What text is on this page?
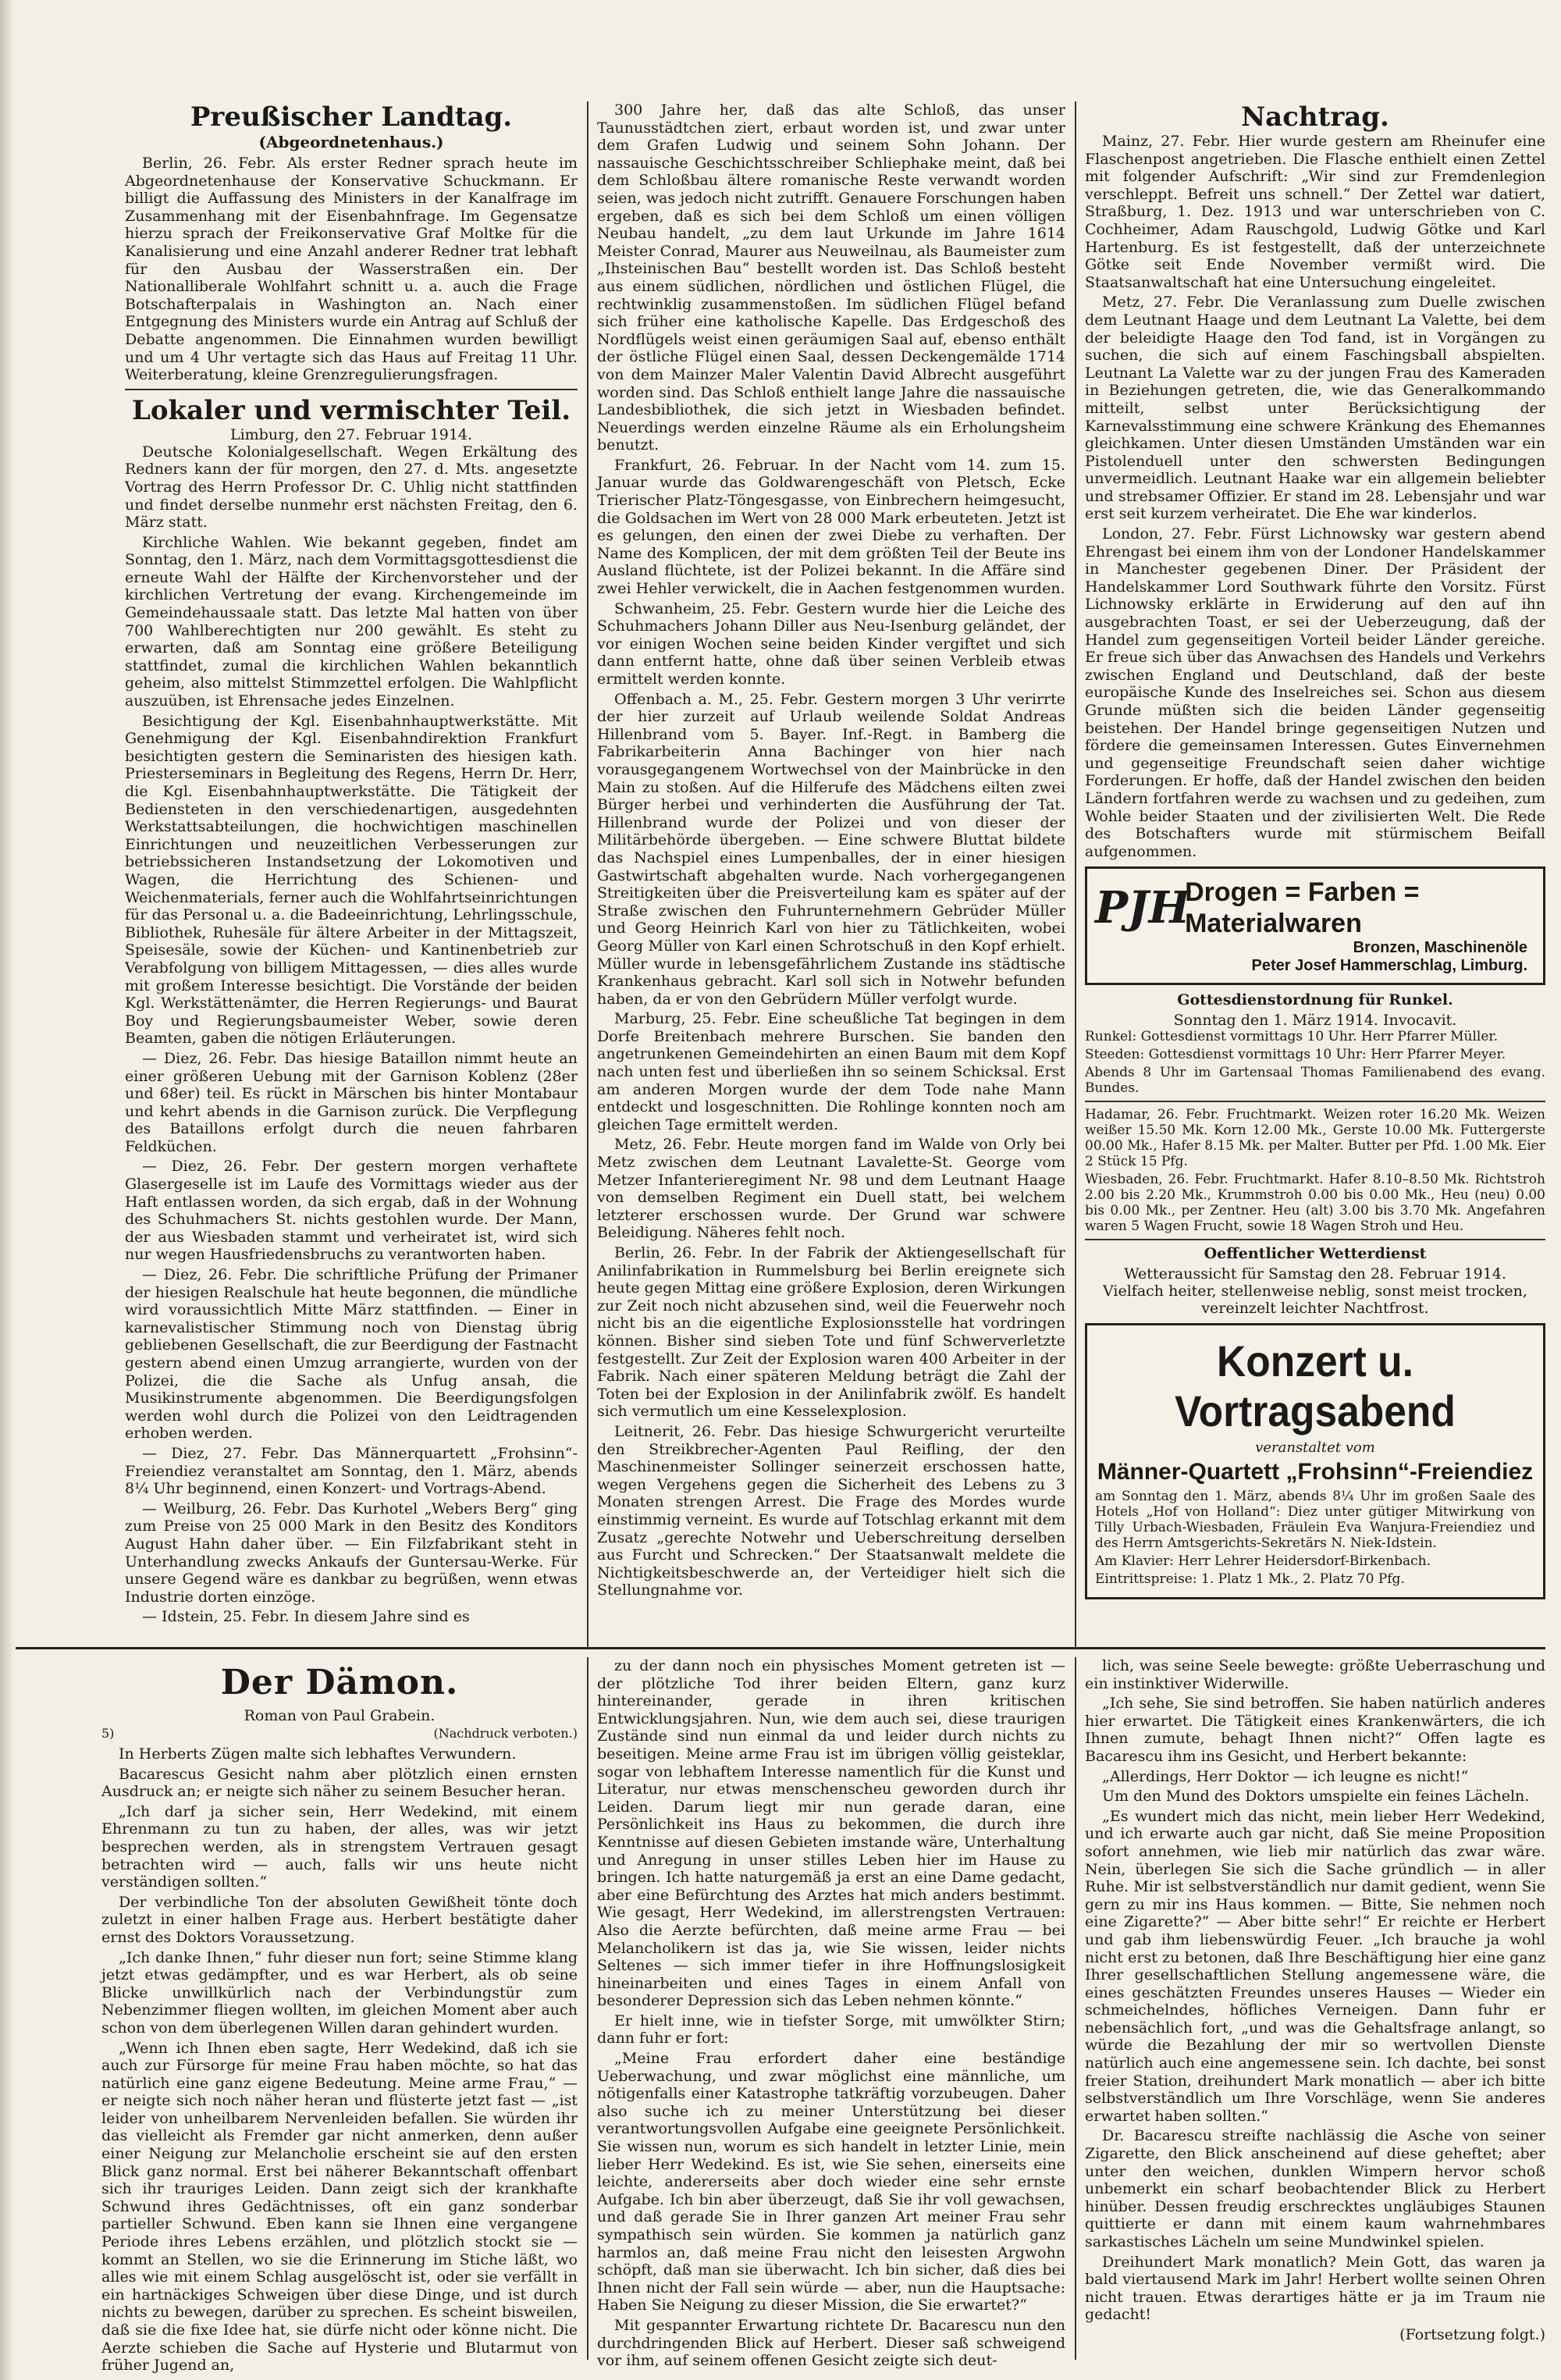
Preußischer Landtag.
(Abgeordnetenhaus.)

Berlin, 26. Febr. Als erster Redner sprach heute im Abgeordnetenhause der Konservative Schuckmann. Er billigt die Auffassung des Ministers in der Kanalfrage im Zusammenhang mit der Eisenbahnfrage. Im Gegensatze hierzu sprach der Freikonservative Graf Moltke für die Kanalisierung und eine Anzahl anderer Redner trat lebhaft für den Ausbau der Wasserstraßen ein. Der Nationalliberale Wohlfahrt schnitt u. a. auch die Frage Botschafterpalais in Washington an. Nach einer Entgegnung des Ministers wurde ein Antrag auf Schluß der Debatte angenommen. Die Einnahmen wurden bewilligt und um 4 Uhr vertagte sich das Haus auf Freitag 11 Uhr. Weiterberatung, kleine Grenzregulierungsfragen.

Lokaler und vermischter Teil.
Limburg, den 27. Februar 1914.

Deutsche Kolonialgesellschaft. Wegen Erkältung des Redners kann der für morgen, den 27. d. Mts. angesetzte Vortrag des Herrn Professor Dr. C. Uhlig nicht stattfinden und findet derselbe nunmehr erst nächsten Freitag, den 6. März statt.

Kirchliche Wahlen. Wie bekannt gegeben, findet am Sonntag, den 1. März, nach dem Vormittagsgottesdienst die erneute Wahl der Hälfte der Kirchenvorsteher und der kirchlichen Vertretung der evang. Kirchengemeinde im Gemeindehaussaale statt. Das letzte Mal hatten von über 700 Wahlberechtigten nur 200 gewählt. Es steht zu erwarten, daß am Sonntag eine größere Beteiligung stattfindet, zumal die kirchlichen Wahlen bekanntlich geheim, also mittelst Stimmzettel erfolgen. Die Wahlpflicht auszuüben, ist Ehrensache jedes Einzelnen.

Besichtigung der Kgl. Eisenbahnhauptwerkstätte. Mit Genehmigung der Kgl. Eisenbahndirektion Frankfurt besichtigten gestern die Seminaristen des hiesigen kath. Priesterseminars in Begleitung des Regens, Herrn Dr. Herr, die Kgl. Eisenbahnhauptwerkstätte. Die Tätigkeit der Bediensteten in den verschiedenartigen, ausgedehnten Werkstattsabteilungen, die hochwichtigen maschinellen Einrichtungen und neuzeitlichen Verbesserungen zur betriebssicheren Instandsetzung der Lokomotiven und Wagen, die Herrichtung des Schienen- und Weichenmaterials, ferner auch die Wohlfahrtseinrichtungen für das Personal u. a. die Badeeinrichtung, Lehrlingsschule, Bibliothek, Ruhesäle für ältere Arbeiter in der Mittagszeit, Speisesäle, sowie der Küchen- und Kantinenbetrieb zur Verabfolgung von billigem Mittagessen, — dies alles wurde mit großem Interesse besichtigt. Die Vorstände der beiden Kgl. Werkstättenämter, die Herren Regierungs- und Baurat Boy und Regierungsbaumeister Weber, sowie deren Beamten, gaben die nötigen Erläuterungen.

— Diez, 26. Febr. Das hiesige Bataillon nimmt heute an einer größeren Uebung mit der Garnison Koblenz (28er und 68er) teil. Es rückt in Märschen bis hinter Montabaur und kehrt abends in die Garnison zurück. Die Verpflegung des Bataillons erfolgt durch die neuen fahrbaren Feldküchen.

— Diez, 26. Febr. Der gestern morgen verhaftete Glasergeselle ist im Laufe des Vormittags wieder aus der Haft entlassen worden, da sich ergab, daß in der Wohnung des Schuhmachers St. nichts gestohlen wurde. Der Mann, der aus Wiesbaden stammt und verheiratet ist, wird sich nur wegen Hausfriedensbruchs zu verantworten haben.

— Diez, 26. Febr. Die schriftliche Prüfung der Primaner der hiesigen Realschule hat heute begonnen, die mündliche wird voraussichtlich Mitte März stattfinden. — Einer in karnevalistischer Stimmung noch von Dienstag übrig gebliebenen Gesellschaft, die zur Beerdigung der Fastnacht gestern abend einen Umzug arrangierte, wurden von der Polizei, die die Sache als Unfug ansah, die Musikinstrumente abgenommen. Die Beerdigungsfolgen werden wohl durch die Polizei von den Leidtragenden erhoben werden.

— Diez, 27. Febr. Das Männerquartett „Frohsinn“-Freiendiez veranstaltet am Sonntag, den 1. März, abends 8¼ Uhr beginnend, einen Konzert- und Vortrags-Abend.

— Weilburg, 26. Febr. Das Kurhotel „Webers Berg“ ging zum Preise von 25 000 Mark in den Besitz des Konditors August Hahn daher über. — Ein Filzfabrikant steht in Unterhandlung zwecks Ankaufs der Guntersau-Werke. Für unsere Gegend wäre es dankbar zu begrüßen, wenn etwas Industrie dorten einzöge.

— Idstein, 25. Febr. In diesem Jahre sind es

300 Jahre her, daß das alte Schloß, das unser Taunusstädtchen ziert, erbaut worden ist, und zwar unter dem Grafen Ludwig und seinem Sohn Johann. Der nassauische Geschichtsschreiber Schliephake meint, daß bei dem Schloßbau ältere romanische Reste verwandt worden seien, was jedoch nicht zutrifft. Genauere Forschungen haben ergeben, daß es sich bei dem Schloß um einen völligen Neubau handelt, „zu dem laut Urkunde im Jahre 1614 Meister Conrad, Maurer aus Neuweilnau, als Baumeister zum „Ihsteinischen Bau“ bestellt worden ist. Das Schloß besteht aus einem südlichen, nördlichen und östlichen Flügel, die rechtwinklig zusammenstoßen. Im südlichen Flügel befand sich früher eine katholische Kapelle. Das Erdgeschoß des Nordflügels weist einen geräumigen Saal auf, ebenso enthält der östliche Flügel einen Saal, dessen Deckengemälde 1714 von dem Mainzer Maler Valentin David Albrecht ausgeführt worden sind. Das Schloß enthielt lange Jahre die nassauische Landesbibliothek, die sich jetzt in Wiesbaden befindet. Neuerdings werden einzelne Räume als ein Erholungsheim benutzt.

Frankfurt, 26. Februar. In der Nacht vom 14. zum 15. Januar wurde das Goldwarengeschäft von Pletsch, Ecke Trierischer Platz-Töngesgasse, von Einbrechern heimgesucht, die Goldsachen im Wert von 28 000 Mark erbeuteten. Jetzt ist es gelungen, den einen der zwei Diebe zu verhaften. Der Name des Komplicen, der mit dem größten Teil der Beute ins Ausland flüchtete, ist der Polizei bekannt. In die Affäre sind zwei Hehler verwickelt, die in Aachen festgenommen wurden.

Schwanheim, 25. Febr. Gestern wurde hier die Leiche des Schuhmachers Johann Diller aus Neu-Isenburg geländet, der vor einigen Wochen seine beiden Kinder vergiftet und sich dann entfernt hatte, ohne daß über seinen Verbleib etwas ermittelt werden konnte.

Offenbach a. M., 25. Febr. Gestern morgen 3 Uhr verirrte der hier zurzeit auf Urlaub weilende Soldat Andreas Hillenbrand vom 5. Bayer. Inf.-Regt. in Bamberg die Fabrikarbeiterin Anna Bachinger von hier nach vorausgegangenem Wortwechsel von der Mainbrücke in den Main zu stoßen. Auf die Hilferufe des Mädchens eilten zwei Bürger herbei und verhinderten die Ausführung der Tat. Hillenbrand wurde der Polizei und von dieser der Militärbehörde übergeben. — Eine schwere Bluttat bildete das Nachspiel eines Lumpenballes, der in einer hiesigen Gastwirtschaft abgehalten wurde. Nach vorhergegangenen Streitigkeiten über die Preisverteilung kam es später auf der Straße zwischen den Fuhrunternehmern Gebrüder Müller und Georg Heinrich Karl von hier zu Tätlichkeiten, wobei Georg Müller von Karl einen Schrotschuß in den Kopf erhielt. Müller wurde in lebensgefährlichem Zustande ins städtische Krankenhaus gebracht. Karl soll sich in Notwehr befunden haben, da er von den Gebrüdern Müller verfolgt wurde.

Marburg, 25. Febr. Eine scheußliche Tat begingen in dem Dorfe Breitenbach mehrere Burschen. Sie banden den angetrunkenen Gemeindehirten an einen Baum mit dem Kopf nach unten fest und überließen ihn so seinem Schicksal. Erst am anderen Morgen wurde der dem Tode nahe Mann entdeckt und losgeschnitten. Die Rohlinge konnten noch am gleichen Tage ermittelt werden.

Metz, 26. Febr. Heute morgen fand im Walde von Orly bei Metz zwischen dem Leutnant Lavalette-St. George vom Metzer Infanterieregiment Nr. 98 und dem Leutnant Haage von demselben Regiment ein Duell statt, bei welchem letzterer erschossen wurde. Der Grund war schwere Beleidigung. Näheres fehlt noch.

Berlin, 26. Febr. In der Fabrik der Aktiengesellschaft für Anilinfabrikation in Rummelsburg bei Berlin ereignete sich heute gegen Mittag eine größere Explosion, deren Wirkungen zur Zeit noch nicht abzusehen sind, weil die Feuerwehr noch nicht bis an die eigentliche Explosionsstelle hat vordringen können. Bisher sind sieben Tote und fünf Schwerverletzte festgestellt. Zur Zeit der Explosion waren 400 Arbeiter in der Fabrik. Nach einer späteren Meldung beträgt die Zahl der Toten bei der Explosion in der Anilinfabrik zwölf. Es handelt sich vermutlich um eine Kesselexplosion.

Leitnerit, 26. Febr. Das hiesige Schwurgericht verurteilte den Streikbrecher-Agenten Paul Reifling, der den Maschinenmeister Sollinger seinerzeit erschossen hatte, wegen Vergehens gegen die Sicherheit des Lebens zu 3 Monaten strengen Arrest. Die Frage des Mordes wurde einstimmig verneint. Es wurde auf Totschlag erkannt mit dem Zusatz „gerechte Notwehr und Ueberschreitung derselben aus Furcht und Schrecken.“ Der Staatsanwalt meldete die Nichtigkeitsbeschwerde an, der Verteidiger hielt sich die Stellungnahme vor.

Nachtrag.

Mainz, 27. Febr. Hier wurde gestern am Rheinufer eine Flaschenpost angetrieben. Die Flasche enthielt einen Zettel mit folgender Aufschrift: „Wir sind zur Fremdenlegion verschleppt. Befreit uns schnell.“ Der Zettel war datiert, Straßburg, 1. Dez. 1913 und war unterschrieben von C. Cochheimer, Adam Rauschgold, Ludwig Götke und Karl Hartenburg. Es ist festgestellt, daß der unterzeichnete Götke seit Ende November vermißt wird. Die Staatsanwaltschaft hat eine Untersuchung eingeleitet.

Metz, 27. Febr. Die Veranlassung zum Duelle zwischen dem Leutnant Haage und dem Leutnant La Valette, bei dem der beleidigte Haage den Tod fand, ist in Vorgängen zu suchen, die sich auf einem Faschingsball abspielten. Leutnant La Valette war zu der jungen Frau des Kameraden in Beziehungen getreten, die, wie das Generalkommando mitteilt, selbst unter Berücksichtigung der Karnevalsstimmung eine schwere Kränkung des Ehemannes gleichkamen. Unter diesen Umständen Umständen war ein Pistolenduell unter den schwersten Bedingungen unvermeidlich. Leutnant Haake war ein allgemein beliebter und strebsamer Offizier. Er stand im 28. Lebensjahr und war erst seit kurzem verheiratet. Die Ehe war kinderlos.

London, 27. Febr. Fürst Lichnowsky war gestern abend Ehrengast bei einem ihm von der Londoner Handelskammer in Manchester gegebenen Diner. Der Präsident der Handelskammer Lord Southwark führte den Vorsitz. Fürst Lichnowsky erklärte in Erwiderung auf den auf ihn ausgebrachten Toast, er sei der Ueberzeugung, daß der Handel zum gegenseitigen Vorteil beider Länder gereiche. Er freue sich über das Anwachsen des Handels und Verkehrs zwischen England und Deutschland, daß der beste europäische Kunde des Inselreiches sei. Schon aus diesem Grunde müßten sich die beiden Länder gegenseitig beistehen. Der Handel bringe gegenseitigen Nutzen und fördere die gemeinsamen Interessen. Gutes Einvernehmen und gegenseitige Freundschaft seien daher wichtige Forderungen. Er hoffe, daß der Handel zwischen den beiden Ländern fortfahren werde zu wachsen und zu gedeihen, zum Wohle beider Staaten und der zivilisierten Welt. Die Rede des Botschafters wurde mit stürmischem Beifall aufgenommen.

PJH Drogen = Farben = Materialwaren
Bronzen, Maschinenöle
Peter Josef Hammerschlag, Limburg.
Gottesdienstordnung für Runkel.
Sonntag den 1. März 1914. Invocavit.

Runkel: Gottesdienst vormittags 10 Uhr. Herr Pfarrer Müller.

Steeden: Gottesdienst vormittags 10 Uhr: Herr Pfarrer Meyer.

Abends 8 Uhr im Gartensaal Thomas Familienabend des evang. Bundes.

Hadamar, 26. Febr. Fruchtmarkt. Weizen roter 16.20 Mk. Weizen weißer 15.50 Mk. Korn 12.00 Mk., Gerste 10.00 Mk. Futtergerste 00.00 Mk., Hafer 8.15 Mk. per Malter. Butter per Pfd. 1.00 Mk. Eier 2 Stück 15 Pfg.

Wiesbaden, 26. Febr. Fruchtmarkt. Hafer 8.10–8.50 Mk. Richtstroh 2.00 bis 2.20 Mk., Krummstroh 0.00 bis 0.00 Mk., Heu (neu) 0.00 bis 0.00 Mk., per Zentner. Heu (alt) 3.00 bis 3.70 Mk. Angefahren waren 5 Wagen Frucht, sowie 18 Wagen Stroh und Heu.

Oeffentlicher Wetterdienst
Wetteraussicht für Samstag den 28. Februar 1914.
Vielfach heiter, stellenweise neblig, sonst meist trocken, vereinzelt leichter Nachtfrost.
Konzert u. Vortragsabend
veranstaltet vom
Männer-Quartett „Frohsinn“-Freiendiez

am Sonntag den 1. März, abends 8¼ Uhr im großen Saale des Hotels „Hof von Holland“: Diez unter gütiger Mitwirkung von Tilly Urbach-Wiesbaden, Fräulein Eva Wanjura-Freiendiez und des Herrn Amtsgerichts-Sekretärs N. Niek-Idstein.

Am Klavier: Herr Lehrer Heidersdorf-Birkenbach.

Eintrittspreise: 1. Platz 1 Mk., 2. Platz 70 Pfg.

Der Dämon.
Roman von Paul Grabein.
5)	(Nachdruck verboten.)

In Herberts Zügen malte sich lebhaftes Verwundern.

Bacarescus Gesicht nahm aber plötzlich einen ernsten Ausdruck an; er neigte sich näher zu seinem Besucher heran.

„Ich darf ja sicher sein, Herr Wedekind, mit einem Ehrenmann zu tun zu haben, der alles, was wir jetzt besprechen werden, als in strengstem Vertrauen gesagt betrachten wird — auch, falls wir uns heute nicht verständigen sollten.“

Der verbindliche Ton der absoluten Gewißheit tönte doch zuletzt in einer halben Frage aus. Herbert bestätigte daher ernst des Doktors Voraussetzung.

„Ich danke Ihnen,“ fuhr dieser nun fort; seine Stimme klang jetzt etwas gedämpfter, und es war Herbert, als ob seine Blicke unwillkürlich nach der Verbindungstür zum Nebenzimmer fliegen wollten, im gleichen Moment aber auch schon von dem überlegenen Willen daran gehindert wurden.

„Wenn ich Ihnen eben sagte, Herr Wedekind, daß ich sie auch zur Fürsorge für meine Frau haben möchte, so hat das natürlich eine ganz eigene Bedeutung. Meine arme Frau,“ — er neigte sich noch näher heran und flüsterte jetzt fast — „ist leider von unheilbarem Nervenleiden befallen. Sie würden ihr das vielleicht als Fremder gar nicht anmerken, denn außer einer Neigung zur Melancholie erscheint sie auf den ersten Blick ganz normal. Erst bei näherer Bekanntschaft offenbart sich ihr trauriges Leiden. Dann zeigt sich der krankhafte Schwund ihres Gedächtnisses, oft ein ganz sonderbar partieller Schwund. Eben kann sie Ihnen eine vergangene Periode ihres Lebens erzählen, und plötzlich stockt sie — kommt an Stellen, wo sie die Erinnerung im Stiche läßt, wo alles wie mit einem Schlag ausgelöscht ist, oder sie verfällt in ein hartnäckiges Schweigen über diese Dinge, und ist durch nichts zu bewegen, darüber zu sprechen. Es scheint bisweilen, daß sie die fixe Idee hat, sie dürfe nicht oder könne nicht. Die Aerzte schieben die Sache auf Hysterie und Blutarmut von früher Jugend an,

zu der dann noch ein physisches Moment getreten ist — der plötzliche Tod ihrer beiden Eltern, ganz kurz hintereinander, gerade in ihren kritischen Entwicklungsjahren. Nun, wie dem auch sei, diese traurigen Zustände sind nun einmal da und leider durch nichts zu beseitigen. Meine arme Frau ist im übrigen völlig geisteklar, sogar von lebhaftem Interesse namentlich für die Kunst und Literatur, nur etwas menschenscheu geworden durch ihr Leiden. Darum liegt mir nun gerade daran, eine Persönlichkeit ins Haus zu bekommen, die durch ihre Kenntnisse auf diesen Gebieten imstande wäre, Unterhaltung und Anregung in unser stilles Leben hier im Hause zu bringen. Ich hatte naturgemäß ja erst an eine Dame gedacht, aber eine Befürchtung des Arztes hat mich anders bestimmt. Wie gesagt, Herr Wedekind, im allerstrengsten Vertrauen: Also die Aerzte befürchten, daß meine arme Frau — bei Melancholikern ist das ja, wie Sie wissen, leider nichts Seltenes — sich immer tiefer in ihre Hoffnungslosigkeit hineinarbeiten und eines Tages in einem Anfall von besonderer Depression sich das Leben nehmen könnte.“

Er hielt inne, wie in tiefster Sorge, mit umwölkter Stirn; dann fuhr er fort:

„Meine Frau erfordert daher eine beständige Ueberwachung, und zwar möglichst eine männliche, um nötigenfalls einer Katastrophe tatkräftig vorzubeugen. Daher also suche ich zu meiner Unterstützung bei dieser verantwortungsvollen Aufgabe eine geeignete Persönlichkeit. Sie wissen nun, worum es sich handelt in letzter Linie, mein lieber Herr Wedekind. Es ist, wie Sie sehen, einerseits eine leichte, andererseits aber doch wieder eine sehr ernste Aufgabe. Ich bin aber überzeugt, daß Sie ihr voll gewachsen, und daß gerade Sie in Ihrer ganzen Art meiner Frau sehr sympathisch sein würden. Sie kommen ja natürlich ganz harmlos an, daß meine Frau nicht den leisesten Argwohn schöpft, daß man sie überwacht. Ich bin sicher, daß dies bei Ihnen nicht der Fall sein würde — aber, nun die Hauptsache: Haben Sie Neigung zu dieser Mission, die Sie erwartet?“

Mit gespannter Erwartung richtete Dr. Bacarescu nun den durchdringenden Blick auf Herbert. Dieser saß schweigend vor ihm, auf seinem offenen Gesicht zeigte sich deut-

lich, was seine Seele bewegte: größte Ueberraschung und ein instinktiver Widerwille.

„Ich sehe, Sie sind betroffen. Sie haben natürlich anderes hier erwartet. Die Tätigkeit eines Krankenwärters, die ich Ihnen zumute, behagt Ihnen nicht?“ Offen lagte es Bacarescu ihm ins Gesicht, und Herbert bekannte:

„Allerdings, Herr Doktor — ich leugne es nicht!“

Um den Mund des Doktors umspielte ein feines Lächeln.

„Es wundert mich das nicht, mein lieber Herr Wedekind, und ich erwarte auch gar nicht, daß Sie meine Proposition sofort annehmen, wie lieb mir natürlich das zwar wäre. Nein, überlegen Sie sich die Sache gründlich — in aller Ruhe. Mir ist selbstverständlich nur damit gedient, wenn Sie gern zu mir ins Haus kommen. — Bitte, Sie nehmen noch eine Zigarette?“ — Aber bitte sehr!“ Er reichte er Herbert und gab ihm liebenswürdig Feuer. „Ich brauche ja wohl nicht erst zu betonen, daß Ihre Beschäftigung hier eine ganz Ihrer gesellschaftlichen Stellung angemessene wäre, die eines geschätzten Freundes unseres Hauses — Wieder ein schmeichelndes, höfliches Verneigen. Dann fuhr er nebensächlich fort, „und was die Gehaltsfrage anlangt, so würde die Bezahlung der mir so wertvollen Dienste natürlich auch eine angemessene sein. Ich dachte, bei sonst freier Station, dreihundert Mark monatlich — aber ich bitte selbstverständlich um Ihre Vorschläge, wenn Sie anderes erwartet haben sollten.“

Dr. Bacarescu streifte nachlässig die Asche von seiner Zigarette, den Blick anscheinend auf diese geheftet; aber unter den weichen, dunklen Wimpern hervor schoß unbemerkt ein scharf beobachtender Blick zu Herbert hinüber. Dessen freudig erschrecktes ungläubiges Staunen quittierte er dann mit einem kaum wahrnehmbares sarkastisches Lächeln um seine Mundwinkel spielen.

Dreihundert Mark monatlich? Mein Gott, das waren ja bald viertausend Mark im Jahr! Herbert wollte seinen Ohren nicht trauen. Etwas derartiges hätte er ja im Traum nie gedacht!

(Fortsetzung folgt.)
